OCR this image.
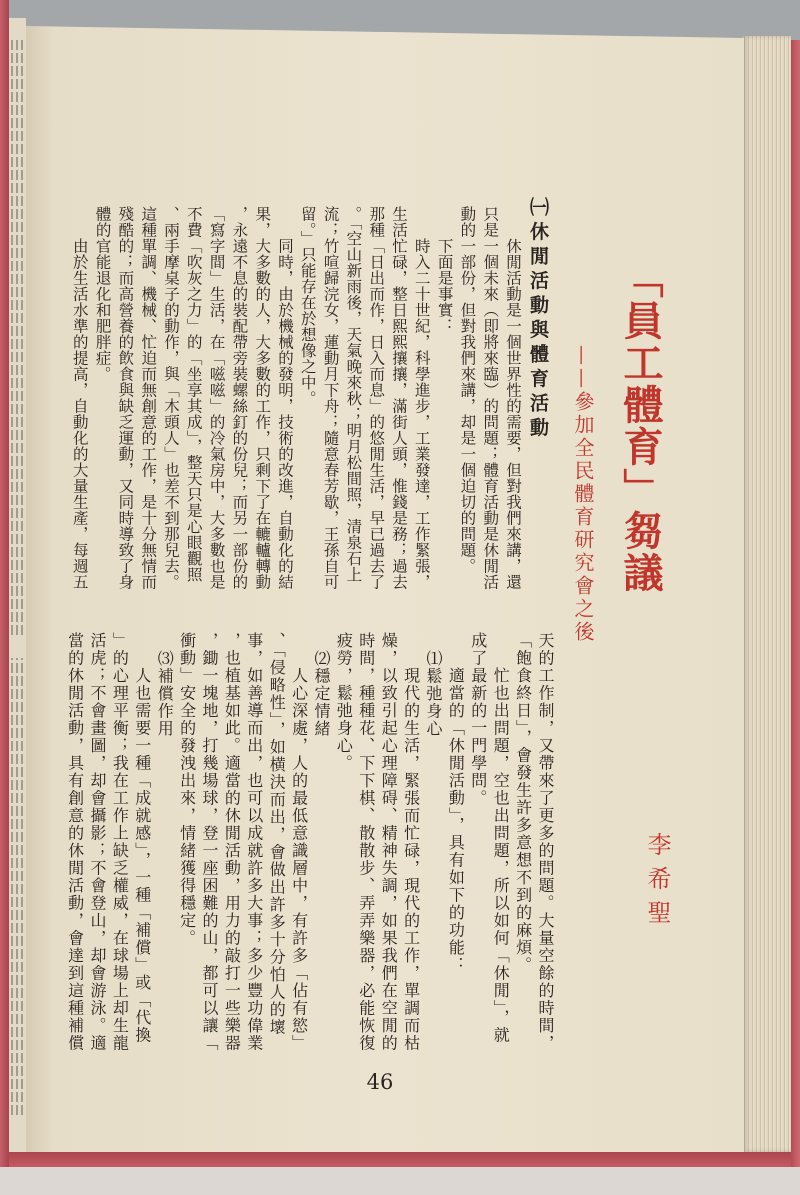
「員工體育」芻議
——參加全民體育研究會之後
李希聖
46
㈠休閒活動與體育活動
休閒活動是一個世界性的需要，但對我們來講，還
只是一個未來（即將來臨）的問題；體育活動是休閒活
動的一部份，但對我們來講，却是一個迫切的問題。
下面是事實：
時入二十世紀，科學進步，工業發達，工作緊張，
生活忙碌，整日熙熙攘攘，滿街人頭，惟錢是務；過去
那種「日出而作，日入而息」的悠閒生活，早已過去了
。「空山新雨後，天氣晚來秋；明月松間照，清泉石上
流；竹喧歸浣女，蓮動月下舟；隨意春芳歇，王孫自可
留。」只能存在於想像之中。
同時，由於機械的發明，技術的改進，自動化的結
果，大多數的人，大多數的工作，只剩下了在轆轤轉動
，永遠不息的裝配帶旁裝螺絲釘的份兒；而另一部份的
「寫字間」生活，在「嗞嗞」的冷氣房中，大多數也是
不費「吹灰之力」的「坐享其成」，整天只是心眼觀照
、兩手摩桌子的動作，與「木頭人」也差不到那兒去。
這種單調、機械、忙迫而無創意的工作，是十分無情而
殘酷的；而高營養的飲食與缺乏運動，又同時導致了身
體的官能退化和肥胖症。
由於生活水準的提高，自動化的大量生產，每週五
天的工作制，又帶來了更多的問題。大量空餘的時間，
「飽食終日」，會發生許多意想不到的麻煩。
忙也出問題，空也出問題，所以如何「休閒」，就
成了最新的一門學問。
適當的「休閒活動」，具有如下的功能：
⑴鬆弛身心
現代的生活，緊張而忙碌，現代的工作，單調而枯
燥，以致引起心理障碍、精神失調，如果我們在空閒的
時間，種種花、下下棋、散散步、弄弄樂器，必能恢復
疲勞，鬆弛身心。
⑵穩定情緒
人心深處，人的最低意識層中，有許多「佔有慾」
、「侵略性」，如横決而出，會做出許多十分怕人的壞
事，如善導而出，也可以成就許多大事；多少豐功偉業
，也植基如此。適當的休閒活動，用力的敲打一些樂器
，鋤一塊地，打幾場球，登一座困難的山，都可以讓「
衝動」安全的發洩出來，情緒獲得穩定。
⑶補償作用
人也需要一種「成就感」，一種「補償」或「代換
」的心理平衡；我在工作上缺乏權威，在球場上却生龍
活虎；不會畫圖，却會攝影；不會登山，却會游泳。適
當的休閒活動，具有創意的休閒活動，會達到這種補償
